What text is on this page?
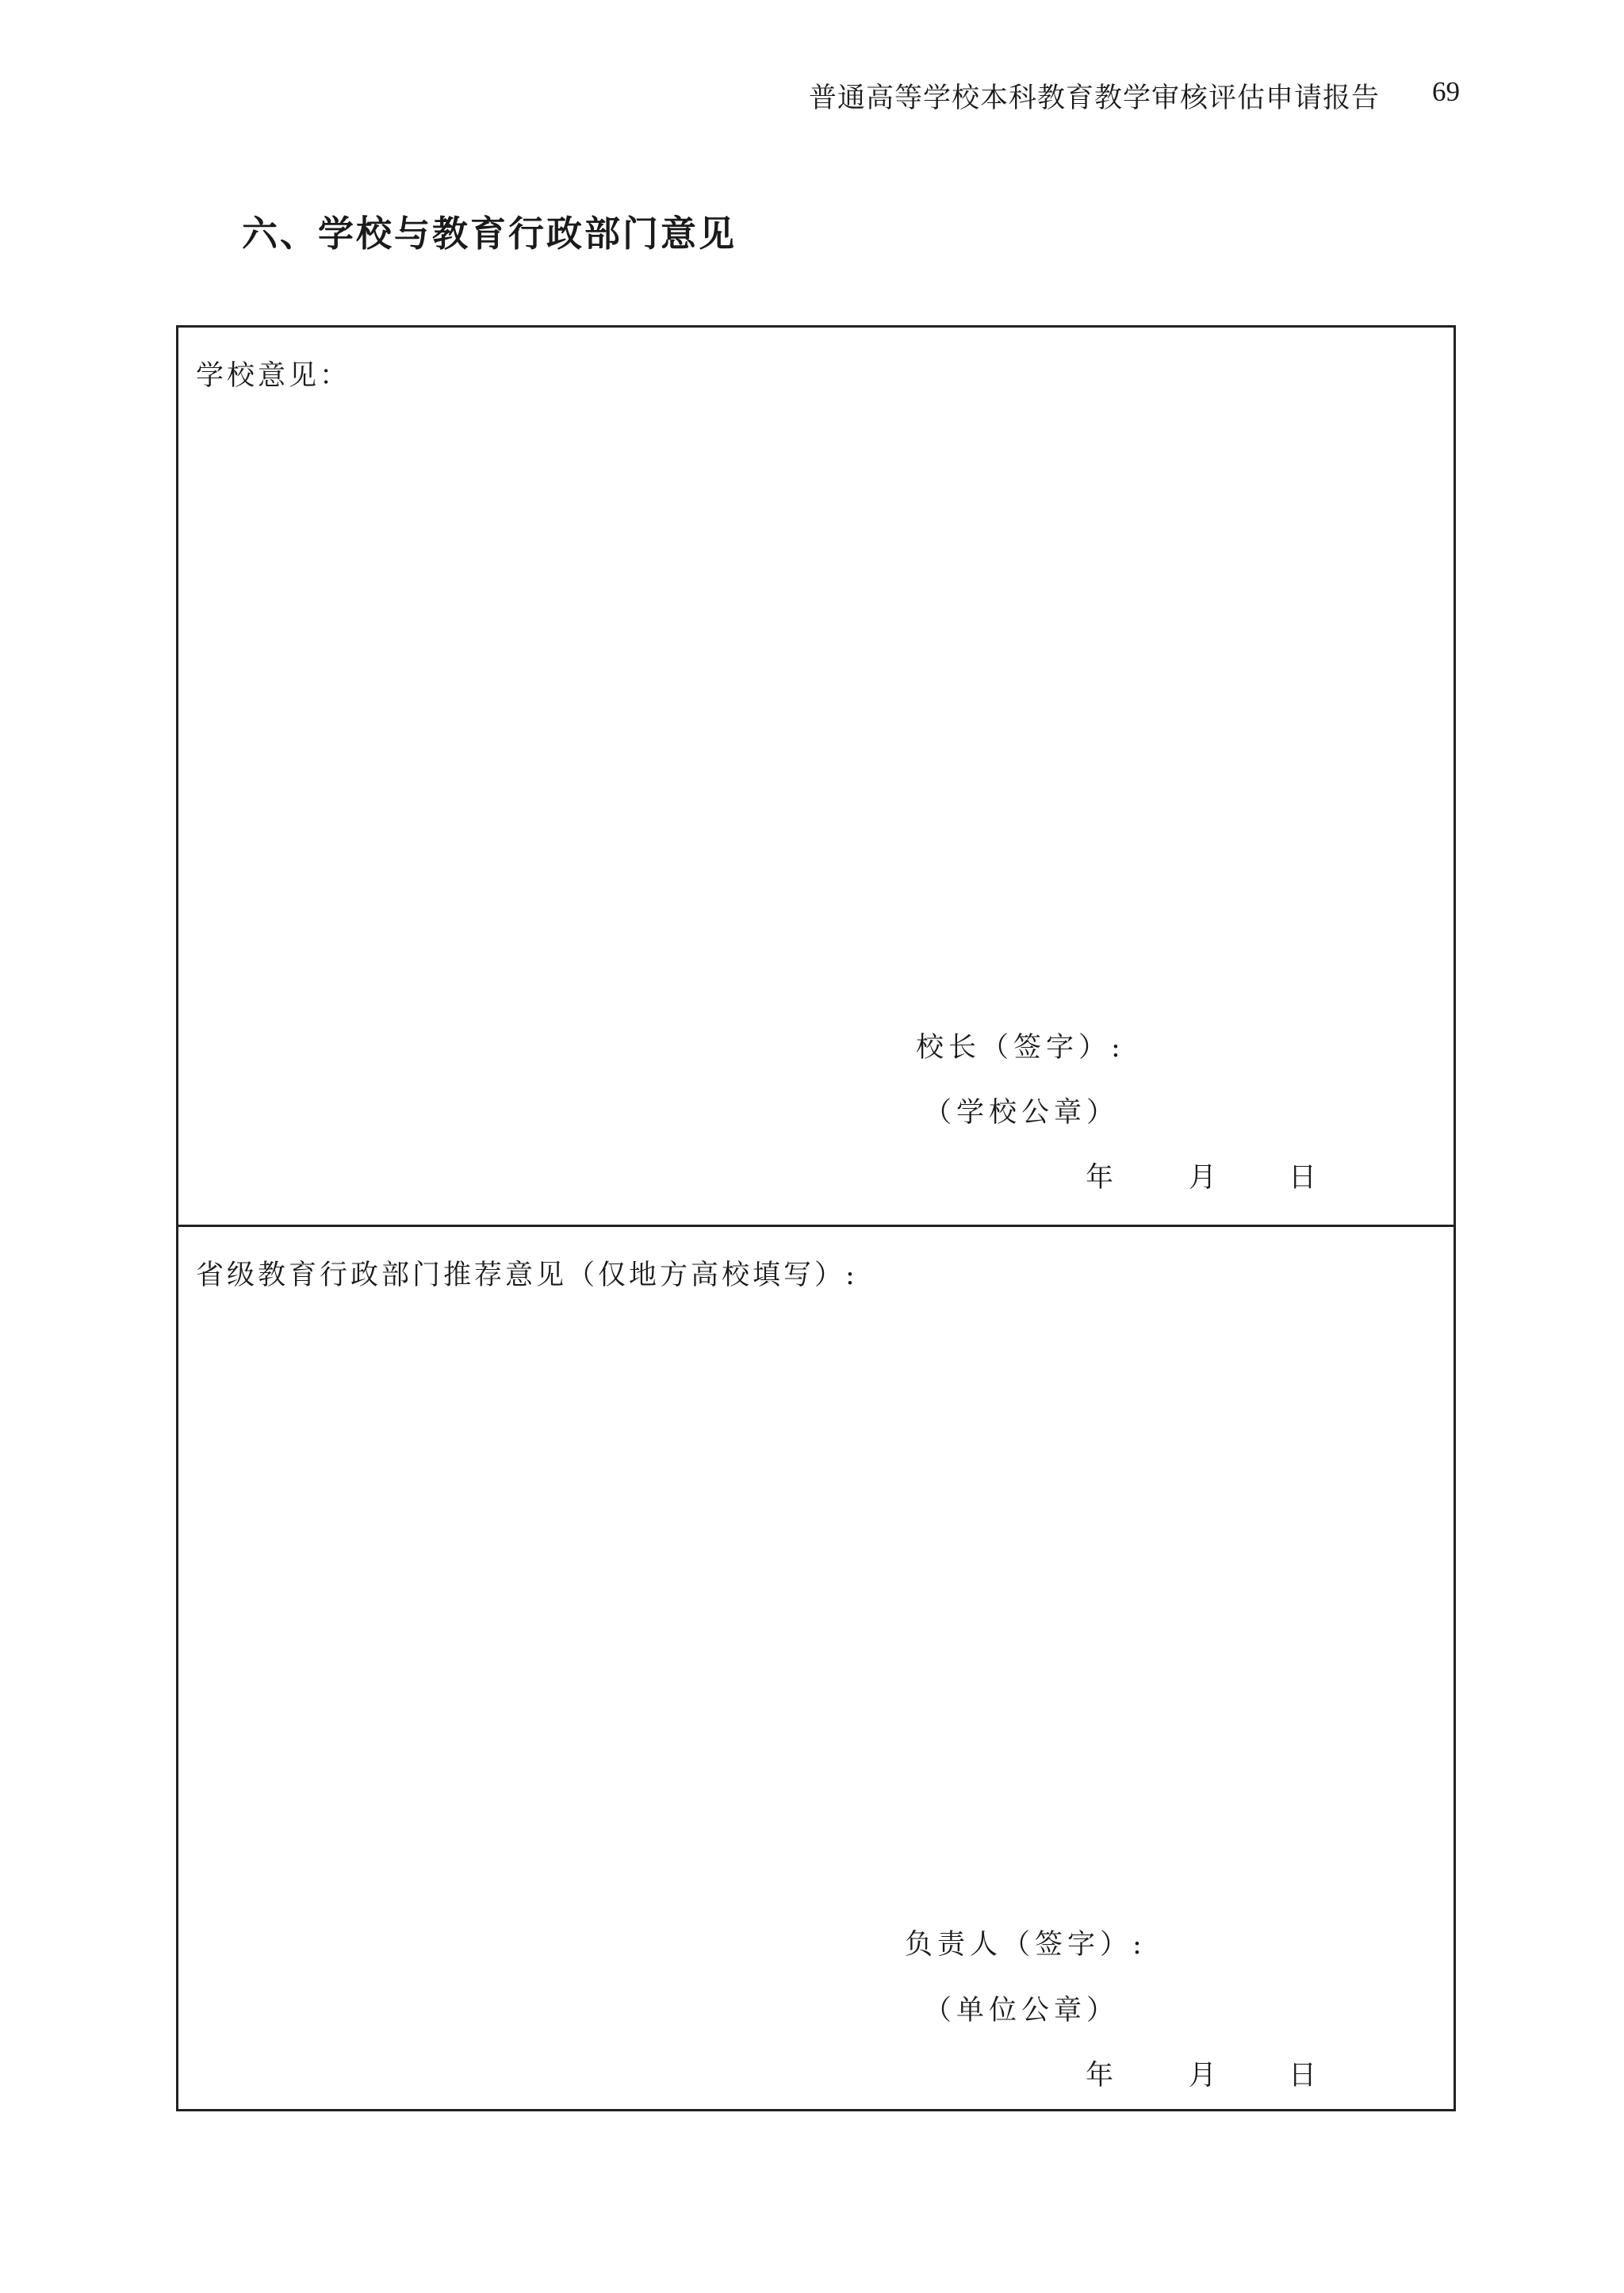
普通高等学校本科教育教学审核评估申请报告	69
六、学校与教育行政部门意见
学校意见：
校长（签字）:
（学校公章）
年	月	日
省级教育行政部门推荐意见（仅地方高校填写）:
负责人（签字）:
（单位公章）
年	月	日
